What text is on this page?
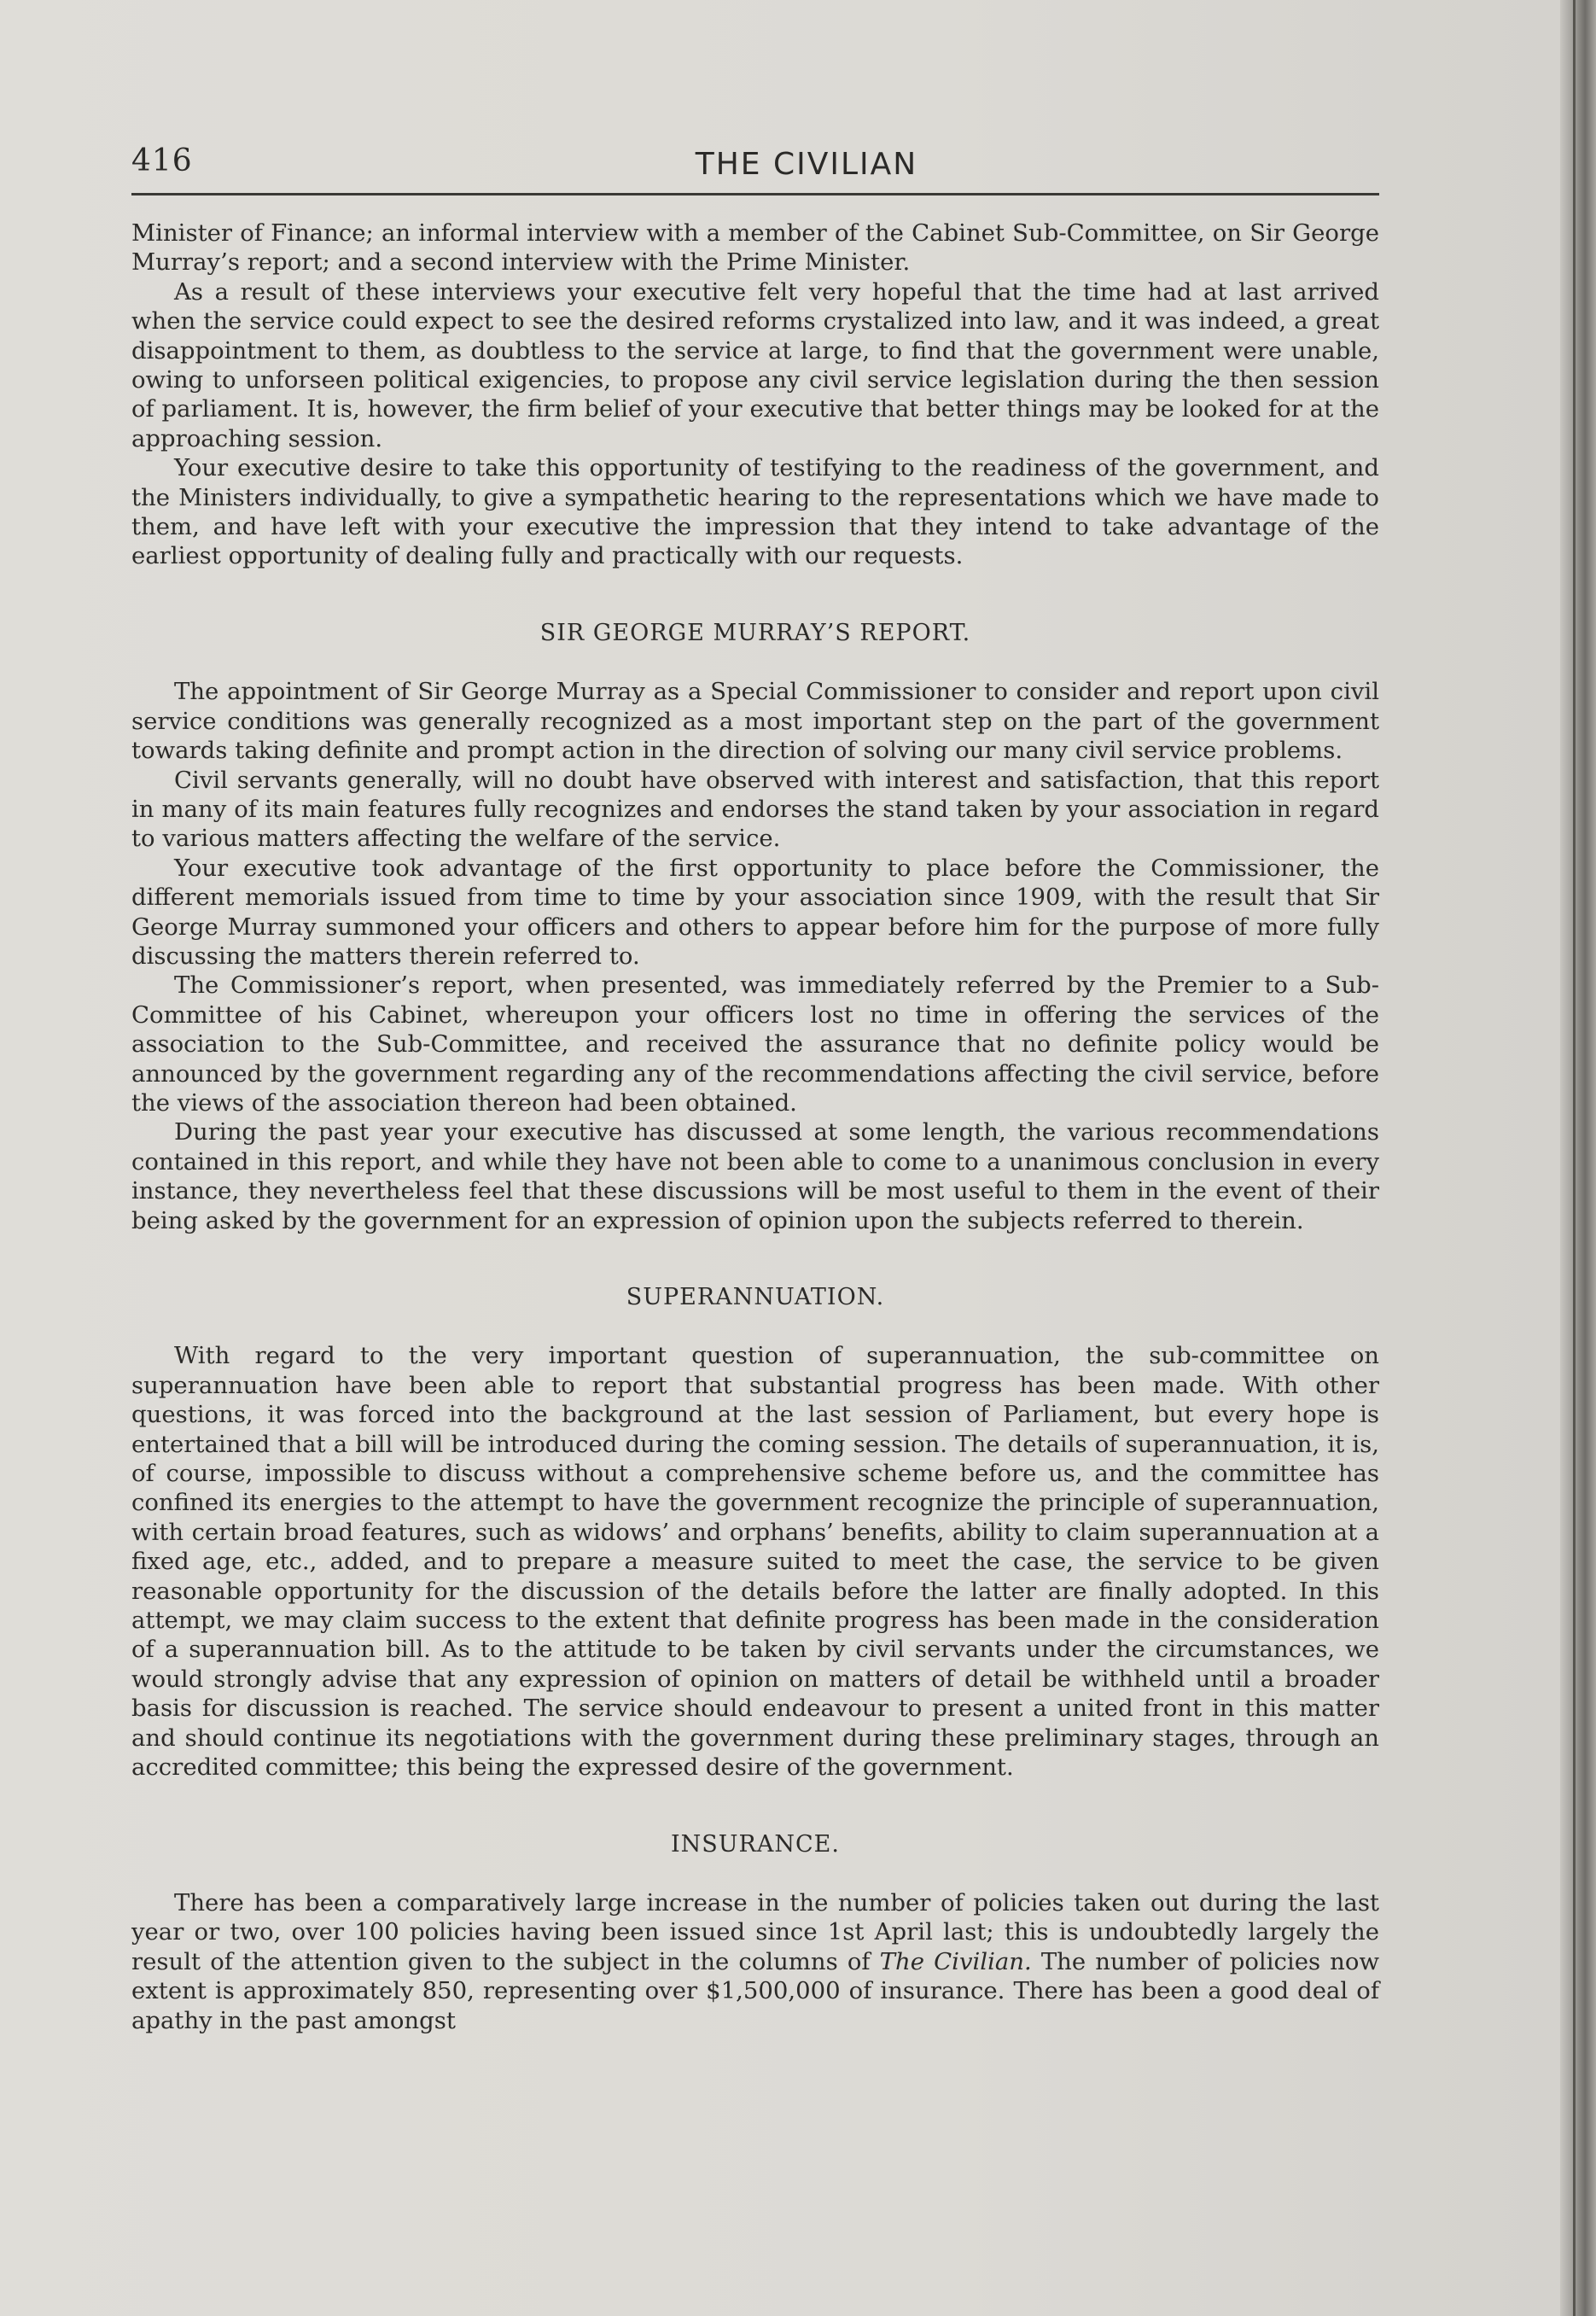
416	THE CIVILIAN

Minister of Finance; an informal interview with a member of the Cabinet Sub-Committee, on Sir George Murray’s report; and a second interview with the Prime Minister.

As a result of these interviews your executive felt very hopeful that the time had at last arrived when the service could expect to see the desired reforms crystalized into law, and it was indeed, a great disappointment to them, as doubtless to the service at large, to find that the government were unable, owing to unforseen political exigencies, to propose any civil service legislation during the then session of parliament. It is, however, the firm belief of your executive that better things may be looked for at the approaching session.

Your executive desire to take this opportunity of testifying to the readiness of the government, and the Ministers individually, to give a sympathetic hearing to the representations which we have made to them, and have left with your executive the impression that they intend to take advantage of the earliest opportunity of dealing fully and practically with our requests.

SIR GEORGE MURRAY’S REPORT.

The appointment of Sir George Murray as a Special Commissioner to consider and report upon civil service conditions was generally recognized as a most important step on the part of the government towards taking definite and prompt action in the direction of solving our many civil service problems.

Civil servants generally, will no doubt have observed with interest and satisfaction, that this report in many of its main features fully recognizes and endorses the stand taken by your association in regard to various matters affecting the welfare of the service.

Your executive took advantage of the first opportunity to place before the Commissioner, the different memorials issued from time to time by your association since 1909, with the result that Sir George Murray summoned your officers and others to appear before him for the purpose of more fully discussing the matters therein referred to.

The Commissioner’s report, when presented, was immediately referred by the Premier to a Sub-Committee of his Cabinet, whereupon your officers lost no time in offering the services of the association to the Sub-Committee, and received the assurance that no definite policy would be announced by the government regarding any of the recommendations affecting the civil service, before the views of the association thereon had been obtained.

During the past year your executive has discussed at some length, the various recommendations contained in this report, and while they have not been able to come to a unanimous conclusion in every instance, they nevertheless feel that these discussions will be most useful to them in the event of their being asked by the government for an expression of opinion upon the subjects referred to therein.

SUPERANNUATION.

With regard to the very important question of superannuation, the sub-committee on superannuation have been able to report that substantial progress has been made. With other questions, it was forced into the background at the last session of Parliament, but every hope is entertained that a bill will be introduced during the coming session. The details of superannuation, it is, of course, impossible to discuss without a comprehensive scheme before us, and the committee has confined its energies to the attempt to have the government recognize the principle of superannuation, with certain broad features, such as widows’ and orphans’ benefits, ability to claim superannuation at a fixed age, etc., added, and to prepare a measure suited to meet the case, the service to be given reasonable opportunity for the discussion of the details before the latter are finally adopted. In this attempt, we may claim success to the extent that definite progress has been made in the consideration of a superannuation bill. As to the attitude to be taken by civil servants under the circumstances, we would strongly advise that any expression of opinion on matters of detail be withheld until a broader basis for discussion is reached. The service should endeavour to present a united front in this matter and should continue its negotiations with the government during these preliminary stages, through an accredited committee; this being the expressed desire of the government.

INSURANCE.

There has been a comparatively large increase in the number of policies taken out during the last year or two, over 100 policies having been issued since 1st April last; this is undoubtedly largely the result of the attention given to the subject in the columns of The Civilian. The number of policies now extent is approximately 850, representing over $1,500,000 of insurance. There has been a good deal of apathy in the past amongst
